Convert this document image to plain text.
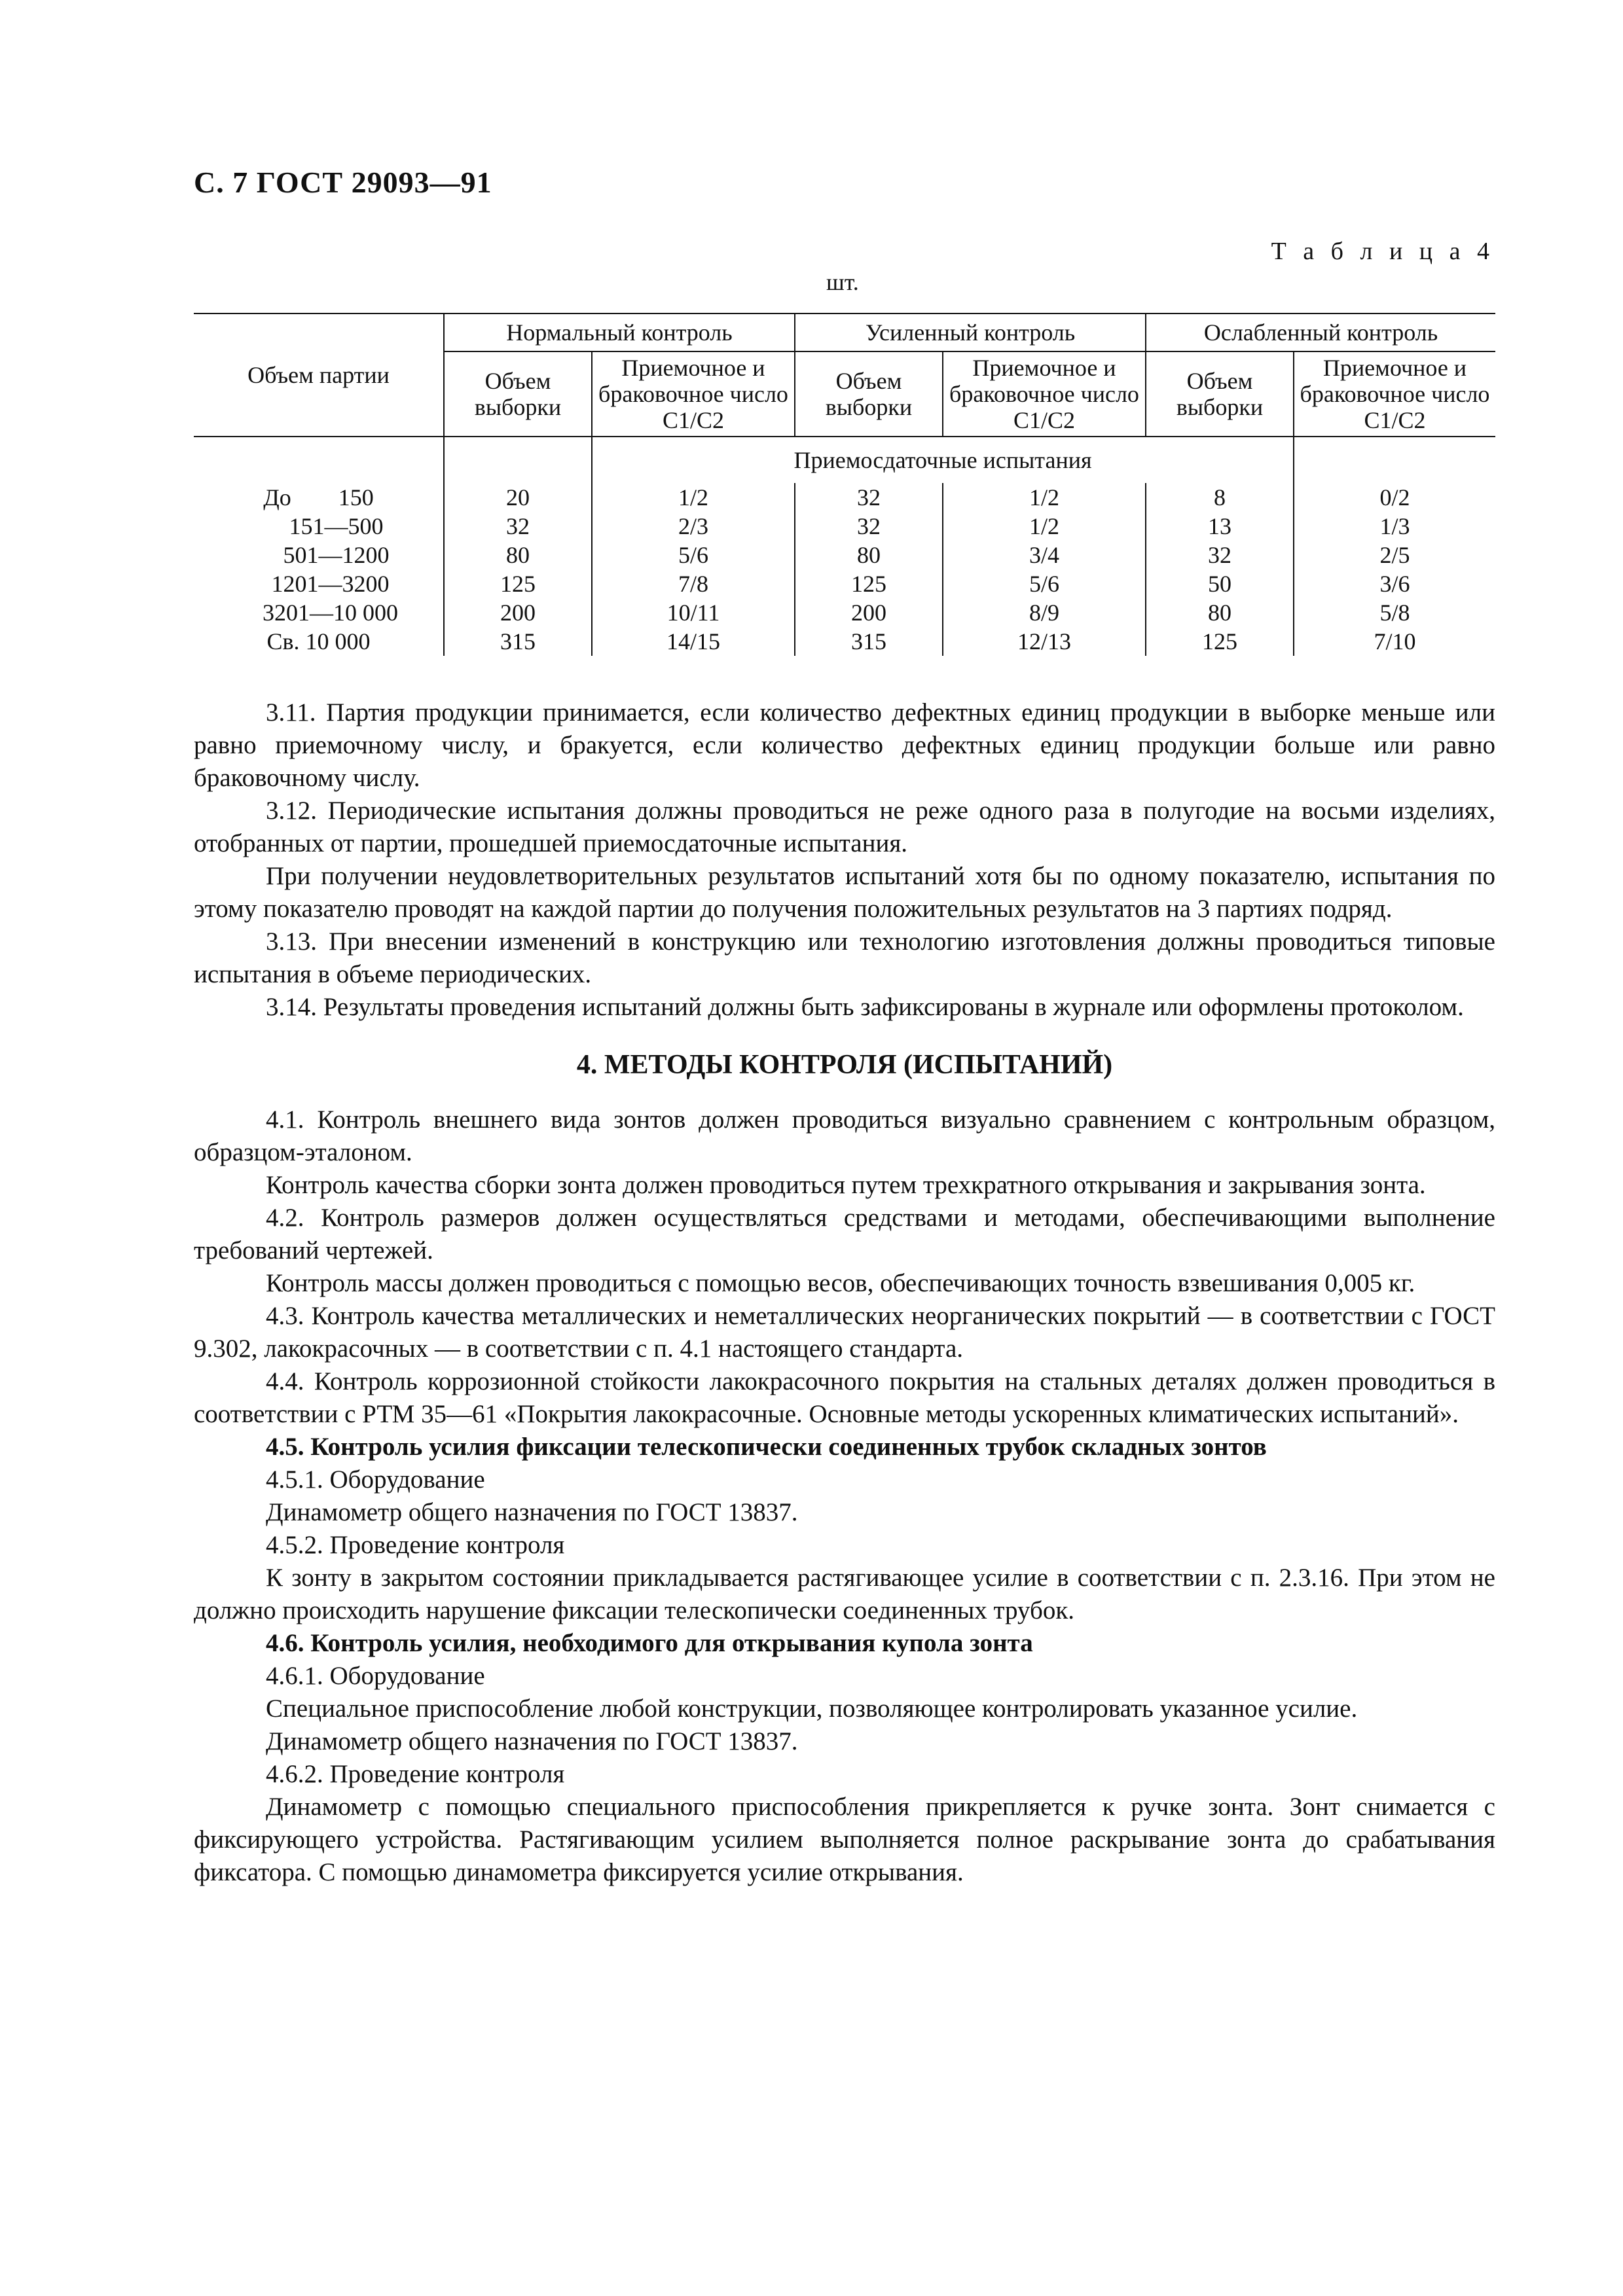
С. 7 ГОСТ 29093—91
Т а б л и ц а 4
шт.
Объем партии	Нормальный контроль		Усиленный контроль		Ослабленный контроль	
	Объем выборки	Приемочное и браковочное число C1/C2	Объем выборки	Приемочное и браковочное число C1/C2	Объем выборки	Приемочное и браковочное число C1/C2
		Приемосдаточные испытания				
До        150	20	1/2	32	1/2	8	0/2
151—500	32	2/3	32	1/2	13	1/3
501—1200	80	5/6	80	3/4	32	2/5
1201—3200	125	7/8	125	5/6	50	3/6
3201—10 000	200	10/11	200	8/9	80	5/8
Св. 10 000	315	14/15	315	12/13	125	7/10

3.11. Партия продукции принимается, если количество дефектных единиц продукции в выборке меньше или равно приемочному числу, и бракуется, если количество дефектных единиц продукции больше или равно браковочному числу.

3.12. Периодические испытания должны проводиться не реже одного раза в полугодие на восьми изделиях, отобранных от партии, прошедшей приемосдаточные испытания.

При получении неудовлетворительных результатов испытаний хотя бы по одному показателю, испытания по этому показателю проводят на каждой партии до получения положительных результатов на 3 партиях подряд.

3.13. При внесении изменений в конструкцию или технологию изготовления должны проводиться типовые испытания в объеме периодических.

3.14. Результаты проведения испытаний должны быть зафиксированы в журнале или оформлены протоколом.

4. МЕТОДЫ КОНТРОЛЯ (ИСПЫТАНИЙ)

4.1. Контроль внешнего вида зонтов должен проводиться визуально сравнением с контрольным образцом, образцом-эталоном.

Контроль качества сборки зонта должен проводиться путем трехкратного открывания и закрывания зонта.

4.2. Контроль размеров должен осуществляться средствами и методами, обеспечивающими выполнение требований чертежей.

Контроль массы должен проводиться с помощью весов, обеспечивающих точность взвешивания 0,005 кг.

4.3. Контроль качества металлических и неметаллических неорганических покрытий — в соответствии с ГОСТ 9.302, лакокрасочных — в соответствии с п. 4.1 настоящего стандарта.

4.4. Контроль коррозионной стойкости лакокрасочного покрытия на стальных деталях должен проводиться в соответствии с РТМ 35—61 «Покрытия лакокрасочные. Основные методы ускоренных климатических испытаний».

4.5. Контроль усилия фиксации телескопически соединенных трубок складных зонтов

4.5.1. Оборудование

Динамометр общего назначения по ГОСТ 13837.

4.5.2. Проведение контроля

К зонту в закрытом состоянии прикладывается растягивающее усилие в соответствии с п. 2.3.16. При этом не должно происходить нарушение фиксации телескопически соединенных трубок.

4.6. Контроль усилия, необходимого для открывания купола зонта

4.6.1. Оборудование

Специальное приспособление любой конструкции, позволяющее контролировать указанное усилие.

Динамометр общего назначения по ГОСТ 13837.

4.6.2. Проведение контроля

Динамометр с помощью специального приспособления прикрепляется к ручке зонта. Зонт снимается с фиксирующего устройства. Растягивающим усилием выполняется полное раскрывание зонта до срабатывания фиксатора. С помощью динамометра фиксируется усилие открывания.
